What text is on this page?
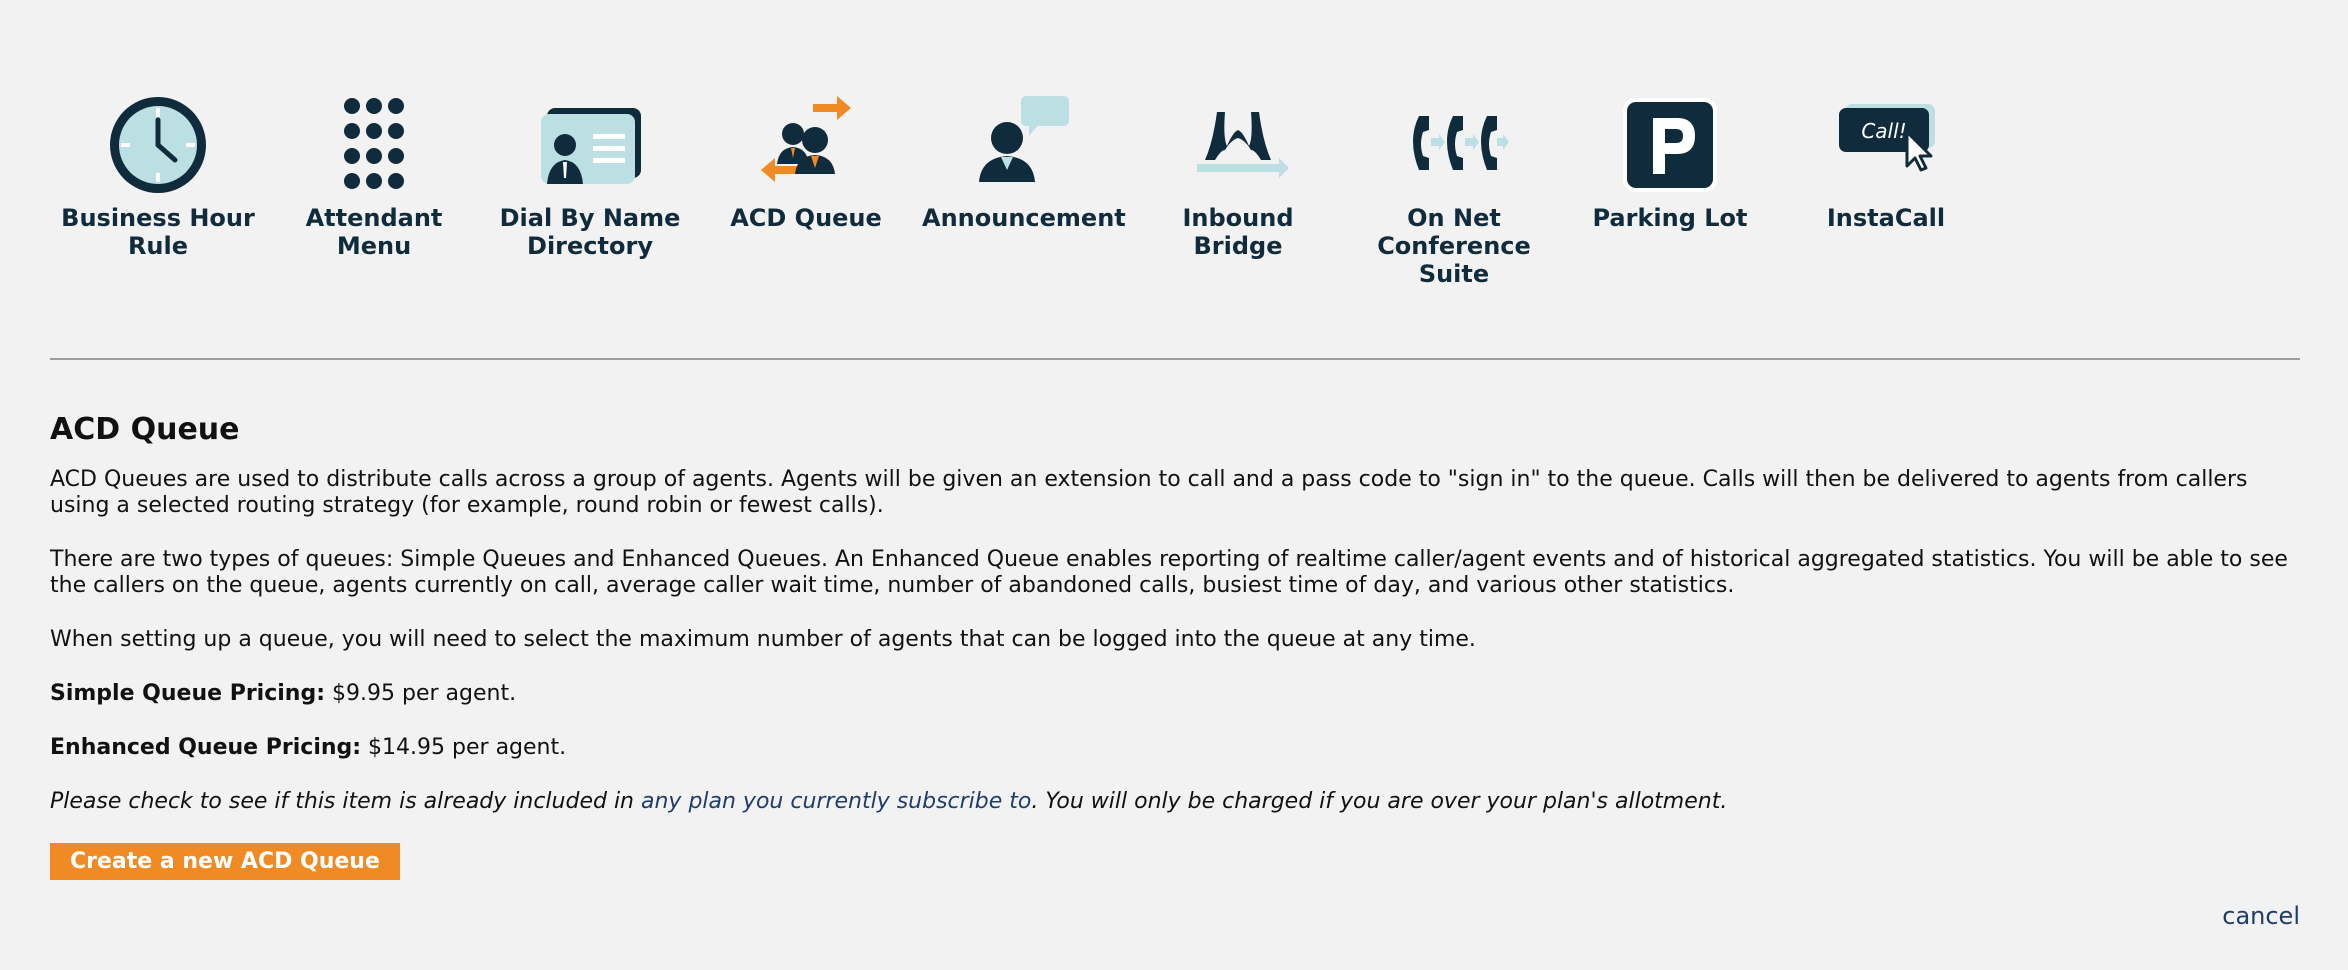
Business Hour Rule
Attendant Menu
Dial By Name Directory
ACD Queue	Announcement	Inbound Bridge
On Net Conference Suite
Parking Lot
Call!
InstaCall
ACD Queue

ACD Queues are used to distribute calls across a group of agents. Agents will be given an extension to call and a pass code to "sign in" to the queue. Calls will then be delivered to agents from callers using a selected routing strategy (for example, round robin or fewest calls).

There are two types of queues: Simple Queues and Enhanced Queues. An Enhanced Queue enables reporting of realtime caller/agent events and of historical aggregated statistics. You will be able to see the callers on the queue, agents currently on call, average caller wait time, number of abandoned calls, busiest time of day, and various other statistics.

When setting up a queue, you will need to select the maximum number of agents that can be logged into the queue at any time.

Simple Queue Pricing: $9.95 per agent.

Enhanced Queue Pricing: $14.95 per agent.

Please check to see if this item is already included in any plan you currently subscribe to. You will only be charged if you are over your plan's allotment.

Create a new ACD Queue
cancel
